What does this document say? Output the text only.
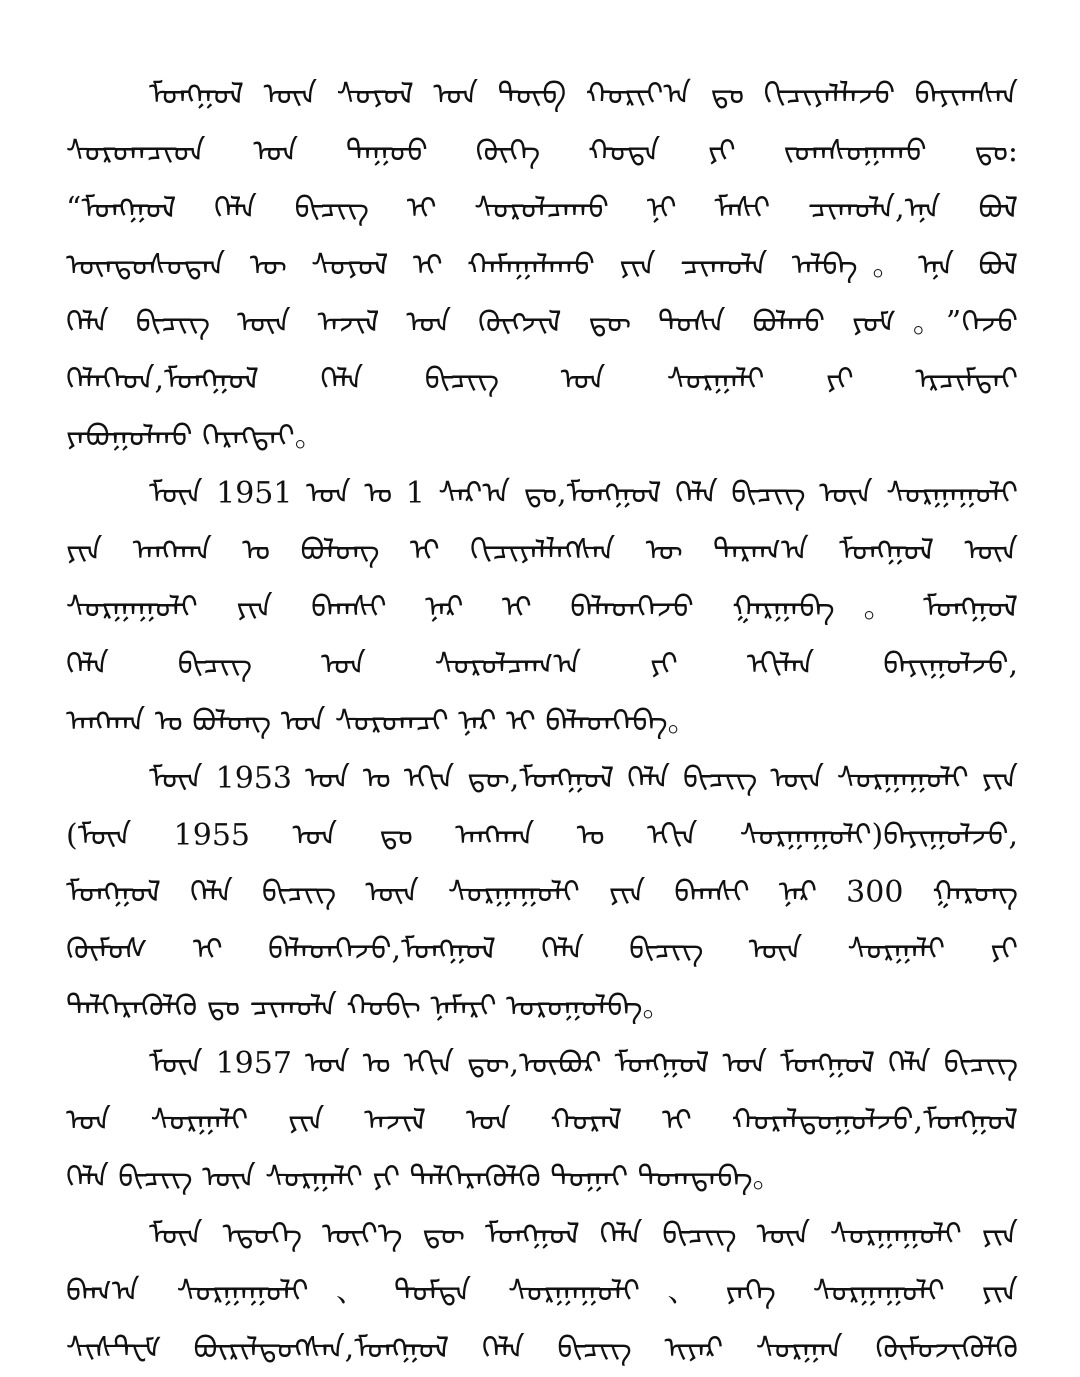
ᠮᠣᠩᠭᠣᠯ ᠦᠨ ᠰᠣᠶᠣᠯ ᠤᠨ ᠲᠦᠪ ᠬᠣᠷᠢᠶ᠎ᠠ ᠳᠤ ᠬᠢᠴᠢᠶᠡᠯᠯᠡᠵᠦ ᠪᠠᠶᠢᠭᠰᠠᠨ
ᠰᠤᠷᠤᠭᠴᠢᠳ ᠤᠨ ᠳᠠᠭᠤᠤ ᠬᠦᠬᠡ ᠬᠣᠲᠠ ᠶᠢ ᠵᠣᠭᠰᠣᠭᠠᠬᠤ ᠳᠤ:
“ᠮᠣᠩᠭᠣᠯ ᠬᠡᠯᠡ ᠪᠢᠴᠢᠭ ᠢ ᠰᠤᠷᠤᠯᠴᠠᠬᠤ ᠨᠢ ᠮᠠᠰᠢ ᠴᠢᠬᠤᠯᠠ,ᠡᠨᠡ ᠪᠣᠯ
ᠦᠨᠳᠦᠰᠦᠲᠡᠨ ᠦ ᠰᠣᠶᠣᠯ ᠢ ᠬᠠᠮᠠᠭᠠᠯᠠᠬᠤ ᠶᠢᠨ ᠴᠢᠬᠤᠯᠠ ᠠᠯᠪᠠ。ᠡᠨᠡ ᠪᠣᠯ
ᠬᠡᠯᠡ ᠪᠢᠴᠢᠭ ᠦᠨ ᠠᠵᠢᠯ ᠤᠨ ᠬᠥᠭᠵᠢᠯ ᠳᠦ ᠲᠤᠰᠠ ᠪᠣᠯᠬᠤ ᠶᠤᠮ。”ᠭᠡᠵᠦ
ᠬᠡᠯᠡᠭᠡᠳ,ᠮᠣᠩᠭᠣᠯ ᠬᠡᠯᠡ ᠪᠢᠴᠢᠭ ᠤᠨ ᠰᠤᠷᠭᠠᠯᠢ ᠶᠢ ᠡᠷᠴᠢᠮᠳᠡᠢ
ᠶᠠᠪᠤᠭᠤᠯᠬᠤ ᠬᠡᠷᠡᠭᠲᠡᠢ。
ᠮᠥᠨ 1951 ᠣᠨ ᠤ 1 ᠰᠠᠷ᠎ᠠ ᠳᠤ,ᠮᠣᠩᠭᠣᠯ ᠬᠡᠯᠡ ᠪᠢᠴᠢᠭ ᠦᠨ ᠰᠤᠷᠭᠠᠭᠤᠯᠢ
ᠶᠢᠨ ᠠᠩᠬᠠᠨ ᠤ ᠪᠤᠯᠤᠩ ᠢ ᠬᠢᠴᠢᠶᠡᠯᠯᠡᠭᠰᠡᠨ ᠦ ᠳᠠᠷᠠᠭ᠎ᠠ ᠮᠣᠩᠭᠣᠯ ᠦᠨ
ᠰᠤᠷᠭᠠᠭᠤᠯᠢ ᠶᠢᠨ ᠪᠠᠭᠰᠢ ᠨᠠᠷ ᠢ ᠪᠡᠯᠡᠳᠬᠡᠵᠦ ᠭᠠᠷᠭᠠᠪᠠ。ᠮᠣᠩᠭᠣᠯ
ᠬᠡᠯᠡ ᠪᠢᠴᠢᠭ ᠤᠨ ᠰᠤᠷᠤᠯᠴᠠᠭ᠎ᠠ ᠶᠢ ᠡᠬᠢᠯᠡᠨ ᠪᠠᠶᠢᠭᠤᠯᠵᠤ,
ᠠᠩᠬᠠᠨ ᠤ ᠪᠤᠯᠤᠩ ᠤᠨ ᠰᠤᠷᠤᠭᠴᠢ ᠨᠠᠷ ᠢ ᠪᠡᠯᠡᠳᠬᠡᠪᠡ。
ᠮᠥᠨ 1953 ᠣᠨ ᠤ ᠡᠬᠢᠨ ᠳᠦ,ᠮᠣᠩᠭᠣᠯ ᠬᠡᠯᠡ ᠪᠢᠴᠢᠭ ᠦᠨ ᠰᠤᠷᠭᠠᠭᠤᠯᠢ ᠶᠢᠨ
(ᠮᠥᠨ 1955 ᠣᠨ ᠳᠤ ᠠᠩᠬᠠᠨ ᠤ ᠡᠬᠢᠨ ᠰᠤᠷᠭᠠᠭᠤᠯᠢ)ᠪᠠᠶᠢᠭᠤᠯᠵᠤ,
ᠮᠣᠩᠭᠣᠯ ᠬᠡᠯᠡ ᠪᠢᠴᠢᠭ ᠦᠨ ᠰᠤᠷᠭᠠᠭᠤᠯᠢ ᠶᠢᠨ ᠪᠠᠭᠰᠢ ᠨᠠᠷ 300 ᠭᠠᠷᠤᠩ
ᠬᠦᠮᠦᠰ ᠢ ᠪᠡᠯᠡᠳᠬᠡᠵᠦ,ᠮᠣᠩᠭᠣᠯ ᠬᠡᠯᠡ ᠪᠢᠴᠢᠭ ᠦᠨ ᠰᠤᠷᠭᠠᠯᠢ ᠶᠢ
ᠳᠡᠯᠭᠡᠷᠡᠭᠦᠯᠬᠦ ᠳᠤ ᠴᠢᠬᠤᠯᠠ ᠬᠤᠪᠢ ᠨᠡᠮᠡᠷᠢ ᠣᠷᠤᠭᠤᠯᠪᠠ。
ᠮᠥᠨ 1957 ᠣᠨ ᠤ ᠡᠬᠢᠨ ᠳᠦ,ᠥᠪᠥᠷ ᠮᠣᠩᠭᠣᠯ ᠤᠨ ᠮᠣᠩᠭᠣᠯ ᠬᠡᠯᠡ ᠪᠢᠴᠢᠭ
ᠤᠨ ᠰᠤᠷᠭᠠᠯᠢ ᠶᠢᠨ ᠠᠵᠢᠯ ᠤᠨ ᠬᠤᠷᠠᠯ ᠢ ᠬᠤᠷᠠᠯᠳᠤᠭᠤᠯᠵᠤ,ᠮᠣᠩᠭᠣᠯ
ᠬᠡᠯᠡ ᠪᠢᠴᠢᠭ ᠦᠨ ᠰᠤᠷᠭᠠᠯᠢ ᠶᠢ ᠳᠡᠯᠭᠡᠷᠡᠭᠦᠯᠬᠦ ᠲᠤᠭᠠᠢ ᠲᠣᠭᠲᠠᠪᠠ。
ᠮᠥᠨ ᠡᠳᠦᠭᠡ ᠦᠶ᠎ᠡ ᠳᠦ ᠮᠣᠩᠭᠣᠯ ᠬᠡᠯᠡ ᠪᠢᠴᠢᠭ ᠦᠨ ᠰᠤᠷᠭᠠᠭᠤᠯᠢ ᠶᠢᠨ
ᠪᠠᠭ᠎ᠠ ᠰᠤᠷᠭᠠᠭᠤᠯᠢ、ᠳᠤᠮᠳᠠ ᠰᠤᠷᠭᠠᠭᠤᠯᠢ、ᠶᠡᠬᠡ ᠰᠤᠷᠭᠠᠭᠤᠯᠢ ᠶᠢᠨ
ᠰᠢᠰᠲ᠋ᠧᠮ ᠪᠦᠷᠢᠯᠳᠦᠭᠰᠡᠨ,ᠮᠣᠩᠭᠣᠯ ᠬᠡᠯᠡ ᠪᠢᠴᠢᠭ ᠢᠶᠡᠷ ᠰᠤᠷᠭᠠᠨ ᠬᠦᠮᠦᠵᠢᠭᠦᠯᠬᠦ
